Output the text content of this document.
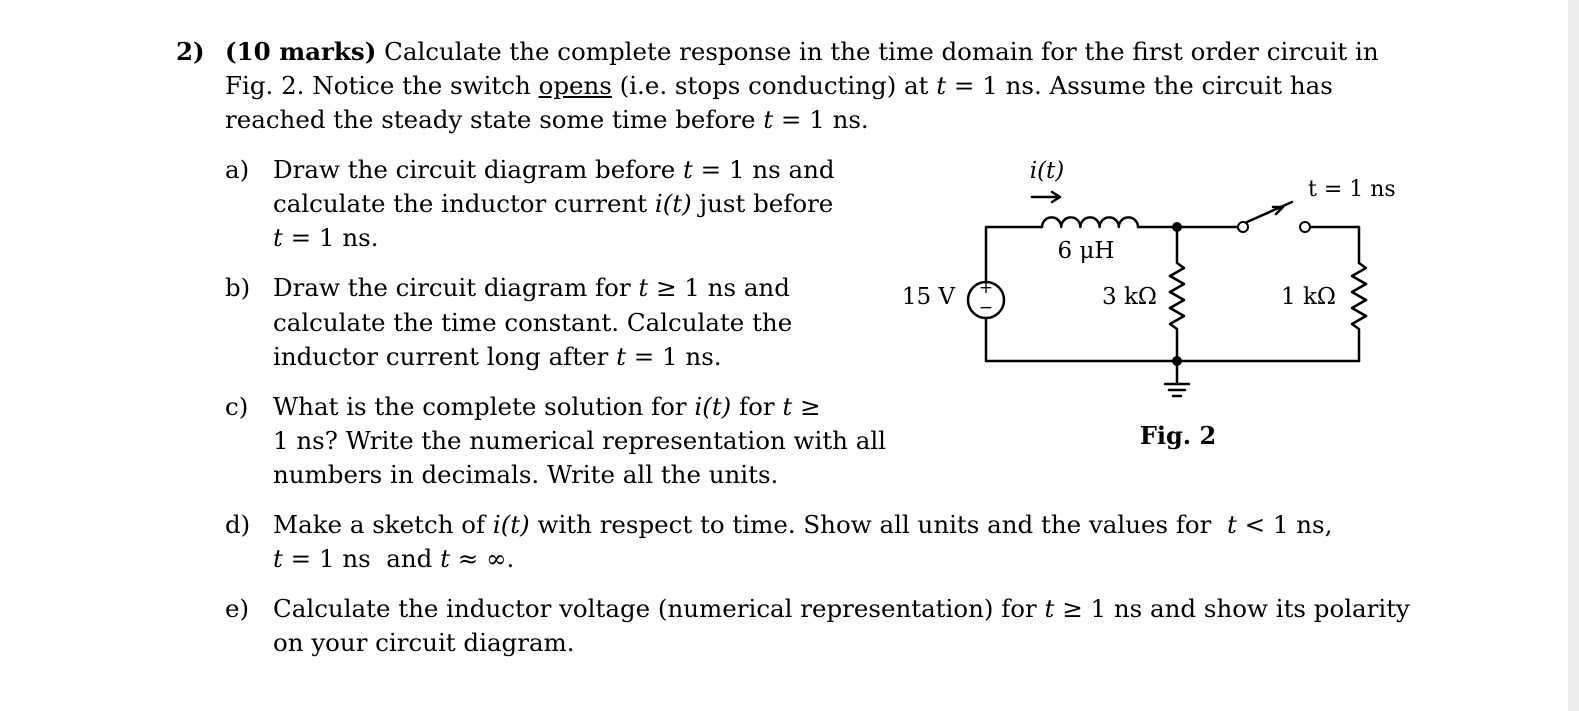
2) (10 marks) Calculate the complete response in the time domain for the first order circuit in
Fig. 2. Notice the switch opens (i.e. stops conducting) at t = 1 ns. Assume the circuit has
reached the steady state some time before t = 1 ns.
a) Draw the circuit diagram before t = 1 ns and
calculate the inductor current i(t) just before
t = 1 ns.
b) Draw the circuit diagram for t ≥ 1 ns and
calculate the time constant. Calculate the
inductor current long after t = 1 ns.
c) What is the complete solution for i(t) for t ≥
1 ns? Write the numerical representation with all
numbers in decimals. Write all the units.
d) Make a sketch of i(t) with respect to time. Show all units and the values for  t < 1 ns,
t = 1 ns  and t ≈ ∞.
e) Calculate the inductor voltage (numerical representation) for t ≥ 1 ns and show its polarity
on your circuit diagram.
+
−
i(t)
t = 1 ns
6 μH
15 V	3 kΩ	1 kΩ
Fig. 2
